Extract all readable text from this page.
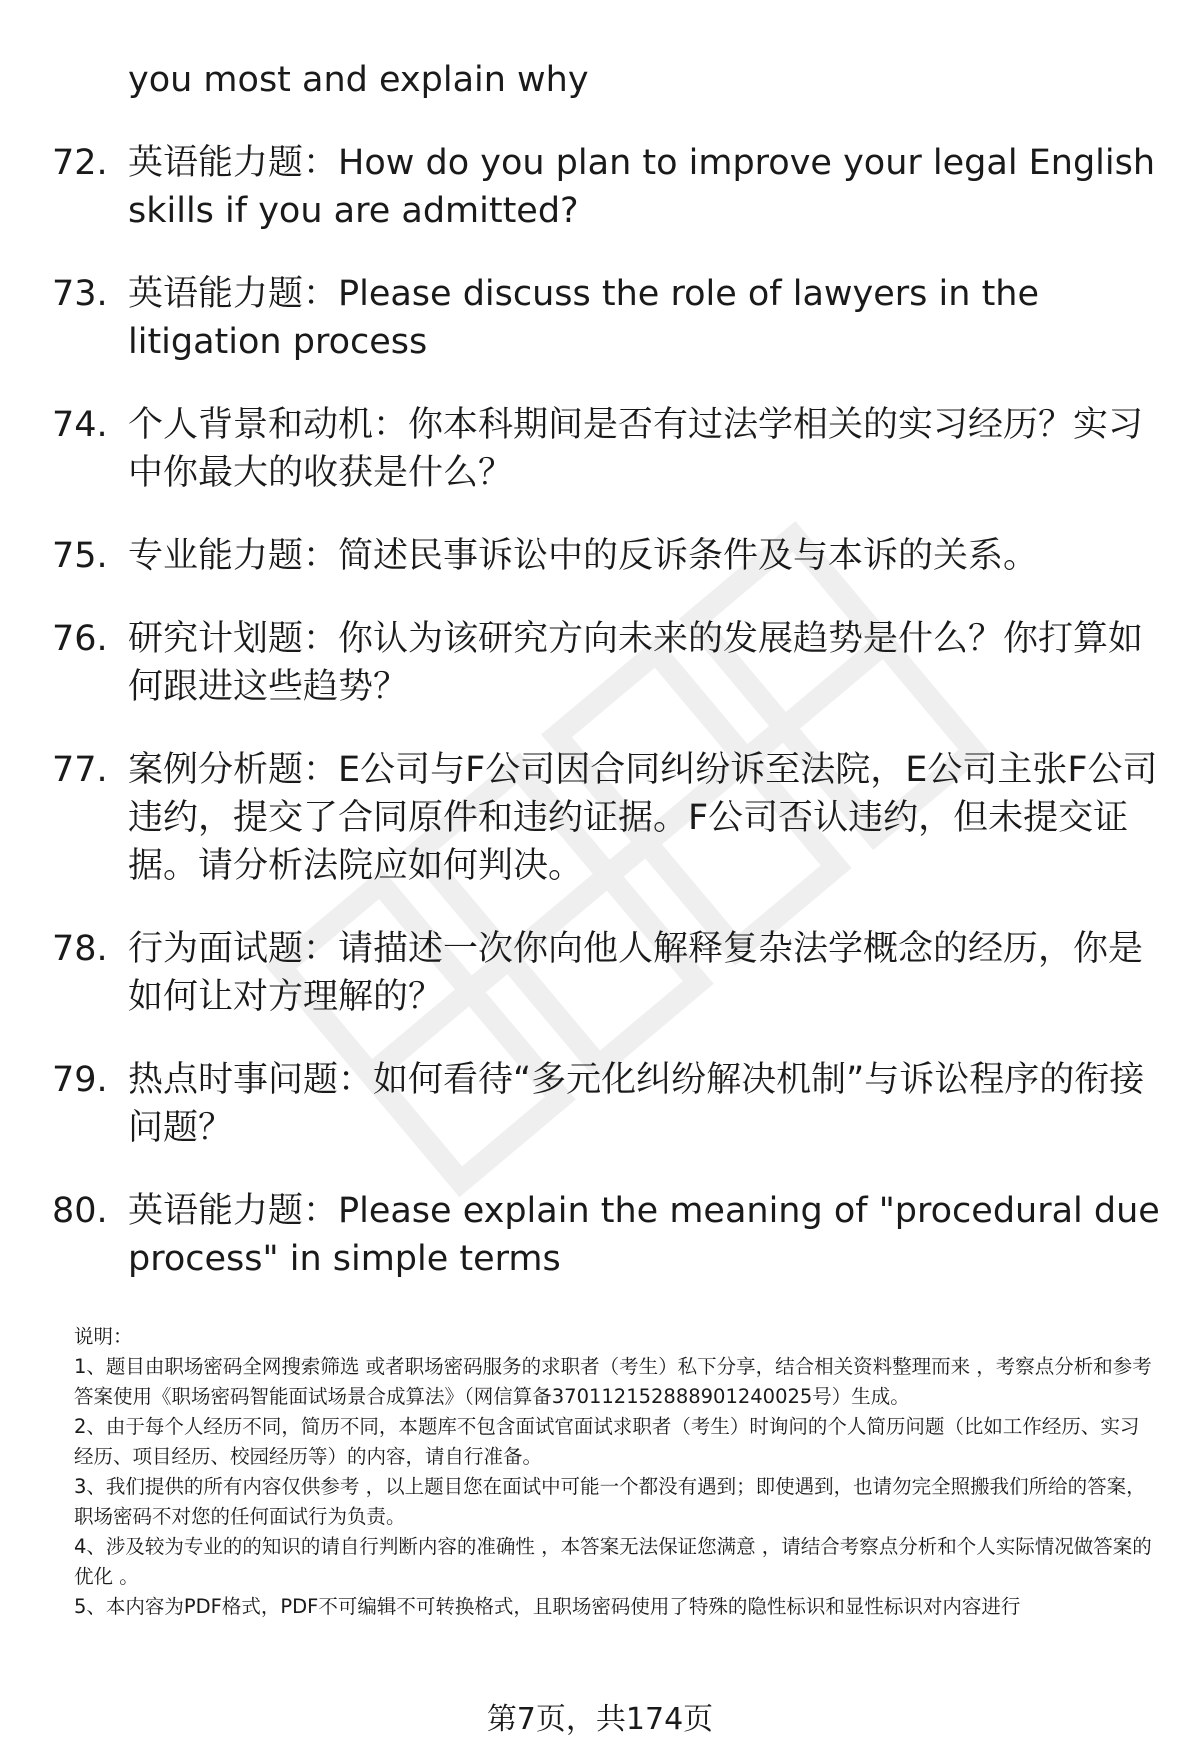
you most and explain why
72. 英语能力题：How do you plan to improve your legal English skills if you are admitted?
73. 英语能力题：Please discuss the role of lawyers in the litigation process
74. 个人背景和动机：你本科期间是否有过法学相关的实习经历？实习中你最大的收获是什么？
75. 专业能力题：简述民事诉讼中的反诉条件及与本诉的关系。
76. 研究计划题：你认为该研究方向未来的发展趋势是什么？你打算如何跟进这些趋势？
77. 案例分析题：E公司与F公司因合同纠纷诉至法院，E公司主张F公司违约，提交了合同原件和违约证据。F公司否认违约，但未提交证据。请分析法院应如何判决。
78. 行为面试题：请描述一次你向他人解释复杂法学概念的经历，你是如何让对方理解的？
79. 热点时事问题：如何看待“多元化纠纷解决机制”与诉讼程序的衔接问题？
80. 英语能力题：Please explain the meaning of "procedural due process" in simple terms

说明：

1、题目由职场密码全网搜索筛选 或者职场密码服务的求职者（考生）私下分享，结合相关资料整理而来 ，考察点分析和参考答案使用《职场密码智能面试场景合成算法》（网信算备370112152888901240025号）生成。

2、由于每个人经历不同，简历不同，本题库不包含面试官面试求职者（考生）时询问的个人简历问题（比如工作经历、实习经历、项目经历、校园经历等）的内容，请自行准备。

3、我们提供的所有内容仅供参考 ，以上题目您在面试中可能一个都没有遇到；即使遇到，也请勿完全照搬我们所给的答案，职场密码不对您的任何面试行为负责。

4、涉及较为专业的的知识的请自行判断内容的准确性 ，本答案无法保证您满意 ，请结合考察点分析和个人实际情况做答案的优化 。

5、本内容为PDF格式，PDF不可编辑不可转换格式，且职场密码使用了特殊的隐性标识和显性标识对内容进行

第7页，共174页
